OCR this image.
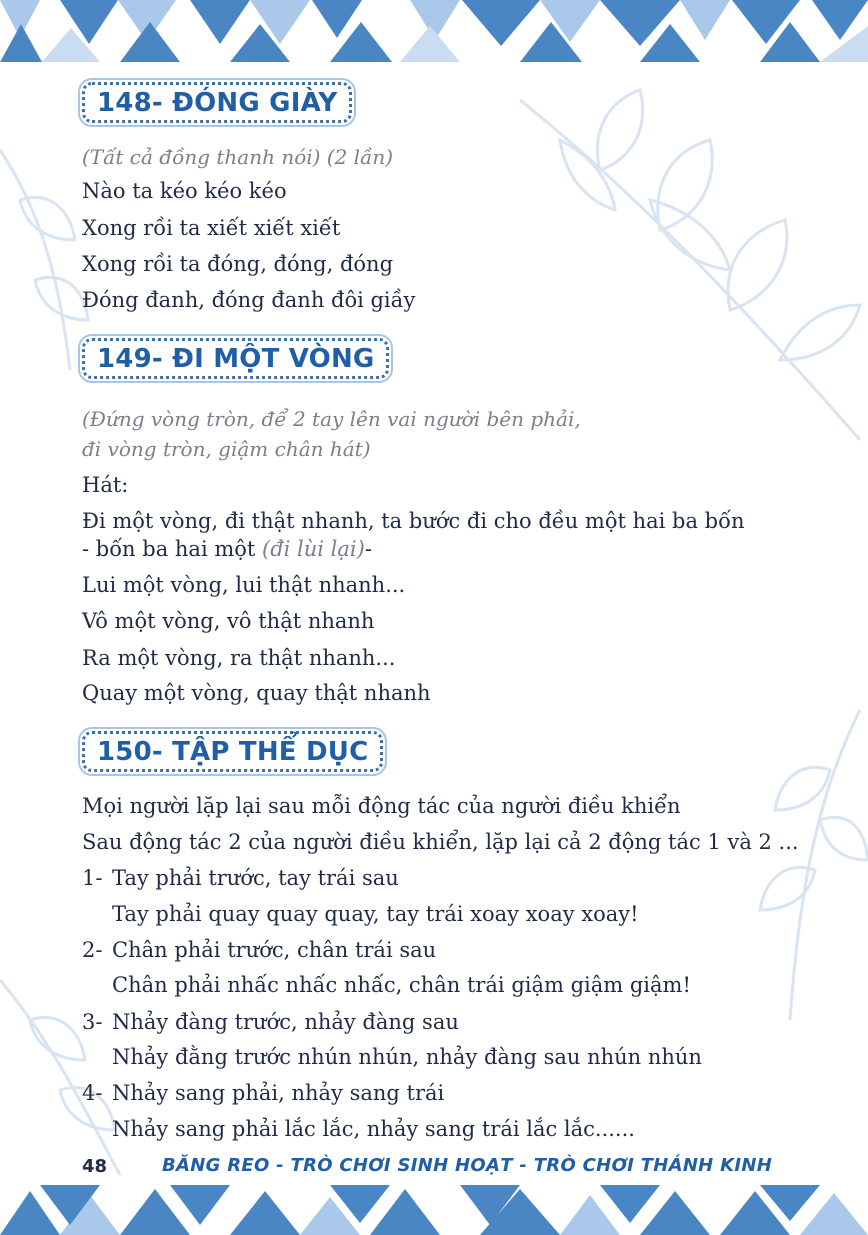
148- ĐÓNG GIÀY
(Tất cả đồng thanh nói) (2 lần)
Nào ta kéo kéo kéo
Xong rồi ta xiết xiết xiết
Xong rồi ta đóng, đóng, đóng
Đóng đanh, đóng đanh đôi giầy
149- ĐI MỘT VÒNG
(Đứng vòng tròn, để 2 tay lên vai người bên phải,
đi vòng tròn, giậm chân hát)
Hát:
Đi một vòng, đi thật nhanh, ta bước đi cho đều một hai ba bốn
- bốn ba hai một (đi lùi lại)-
Lui một vòng, lui thật nhanh...
Vô một vòng, vô thật nhanh
Ra một vòng, ra thật nhanh...
Quay một vòng, quay thật nhanh
150- TẬP THỂ DỤC
Mọi người lặp lại sau mỗi động tác của người điều khiển
Sau động tác 2 của người điều khiển, lặp lại cả 2 động tác 1 và 2 ...
1- Tay phải trước, tay trái sau
Tay phải quay quay quay, tay trái xoay xoay xoay!
2- Chân phải trước, chân trái sau
Chân phải nhấc nhấc nhấc, chân trái giậm giậm giậm!
3- Nhảy đàng trước, nhảy đàng sau
Nhảy đằng trước nhún nhún, nhảy đàng sau nhún nhún
4- Nhảy sang phải, nhảy sang trái
Nhảy sang phải lắc lắc, nhảy sang trái lắc lắc......
48	BĂNG REO - TRÒ CHƠI SINH HOẠT - TRÒ CHƠI THÁNH KINH
